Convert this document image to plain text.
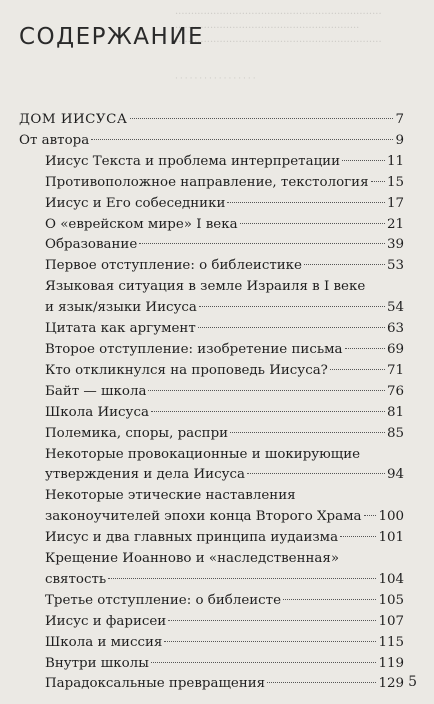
·································································
··························································
·································································
·················
СОДЕРЖАНИЕ
ДОМ ИИСУСА	7
От автора	9
Иисус Текста и проблема интерпретации	11
Противоположное направление, текстология 15
Иисус и Его собеседники	17
О «еврейском мире» I века	21
Образование	39
Первое отступление: о библеистике	53
Языковая ситуация в земле Израиля в I веке
и язык/языки Иисуса	54
Цитата как аргумент	63
Второе отступление: изобретение письма	69
Кто откликнулся на проповедь Иисуса?	71
Байт — школа	76
Школа Иисуса	81
Полемика, споры, распри	85
Некоторые провокационные и шокирующие
утверждения и дела Иисуса	94
Некоторые этические наставления
законоучителей эпохи конца Второго Храма 100
Иисус и два главных принципа иудаизма	101
Крещение Иоанново и «наследственная»
святость	104
Третье отступление: о библеисте	105
Иисус и фарисеи	107
Школа и миссия	115
Внутри школы	119
Парадоксальные превращения	129 5
